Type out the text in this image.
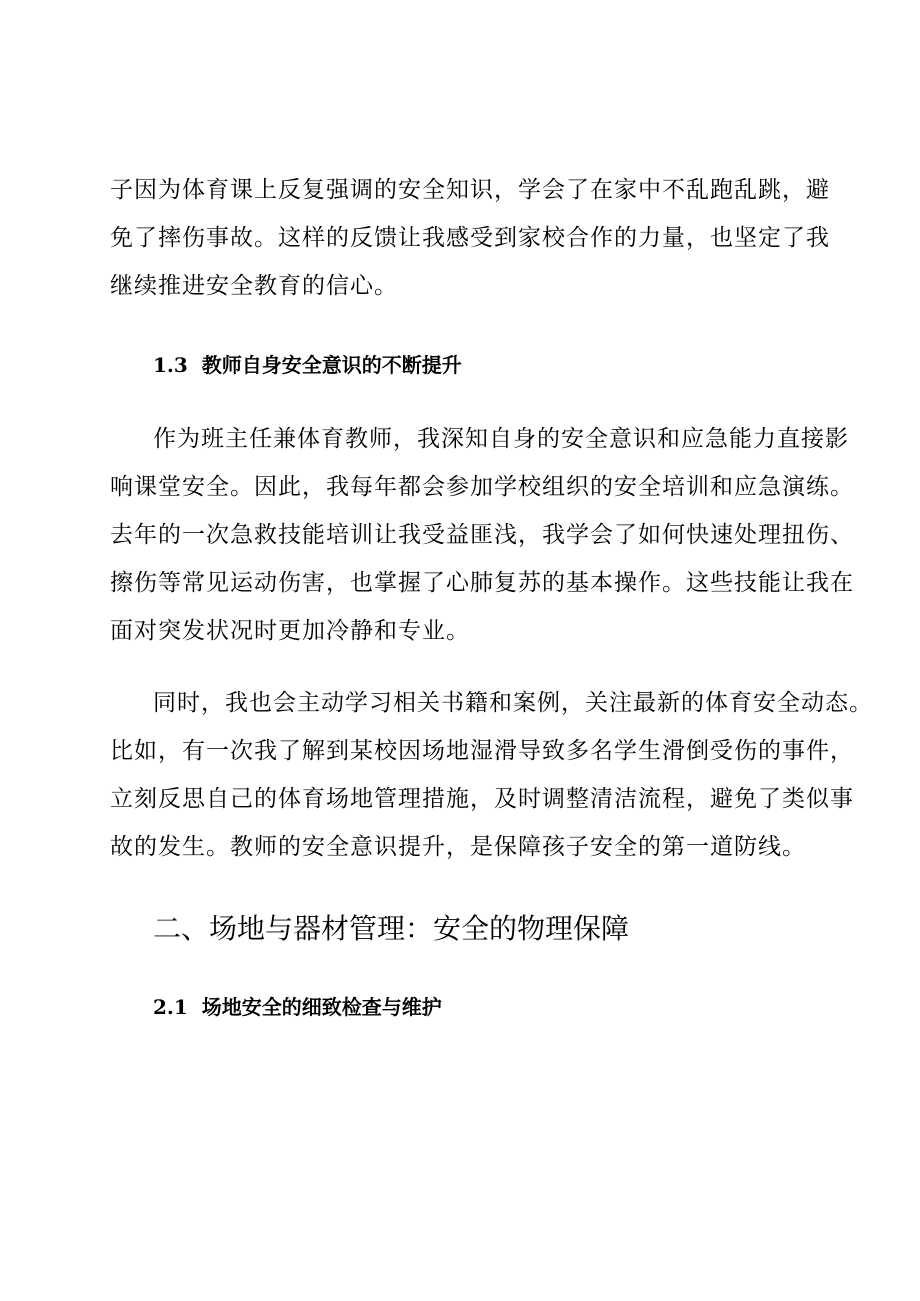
子因为体育课上反复强调的安全知识，学会了在家中不乱跑乱跳，避

免了摔伤事故。这样的反馈让我感受到家校合作的力量，也坚定了我

继续推进安全教育的信心。

1.3 教师自身安全意识的不断提升

作为班主任兼体育教师，我深知自身的安全意识和应急能力直接影

响课堂安全。因此，我每年都会参加学校组织的安全培训和应急演练。

去年的一次急救技能培训让我受益匪浅，我学会了如何快速处理扭伤、

擦伤等常见运动伤害，也掌握了心肺复苏的基本操作。这些技能让我在

面对突发状况时更加冷静和专业。

同时，我也会主动学习相关书籍和案例，关注最新的体育安全动态。

比如，有一次我了解到某校因场地湿滑导致多名学生滑倒受伤的事件，

立刻反思自己的体育场地管理措施，及时调整清洁流程，避免了类似事

故的发生。教师的安全意识提升，是保障孩子安全的第一道防线。

二、场地与器材管理：安全的物理保障
2.1 场地安全的细致检查与维护
